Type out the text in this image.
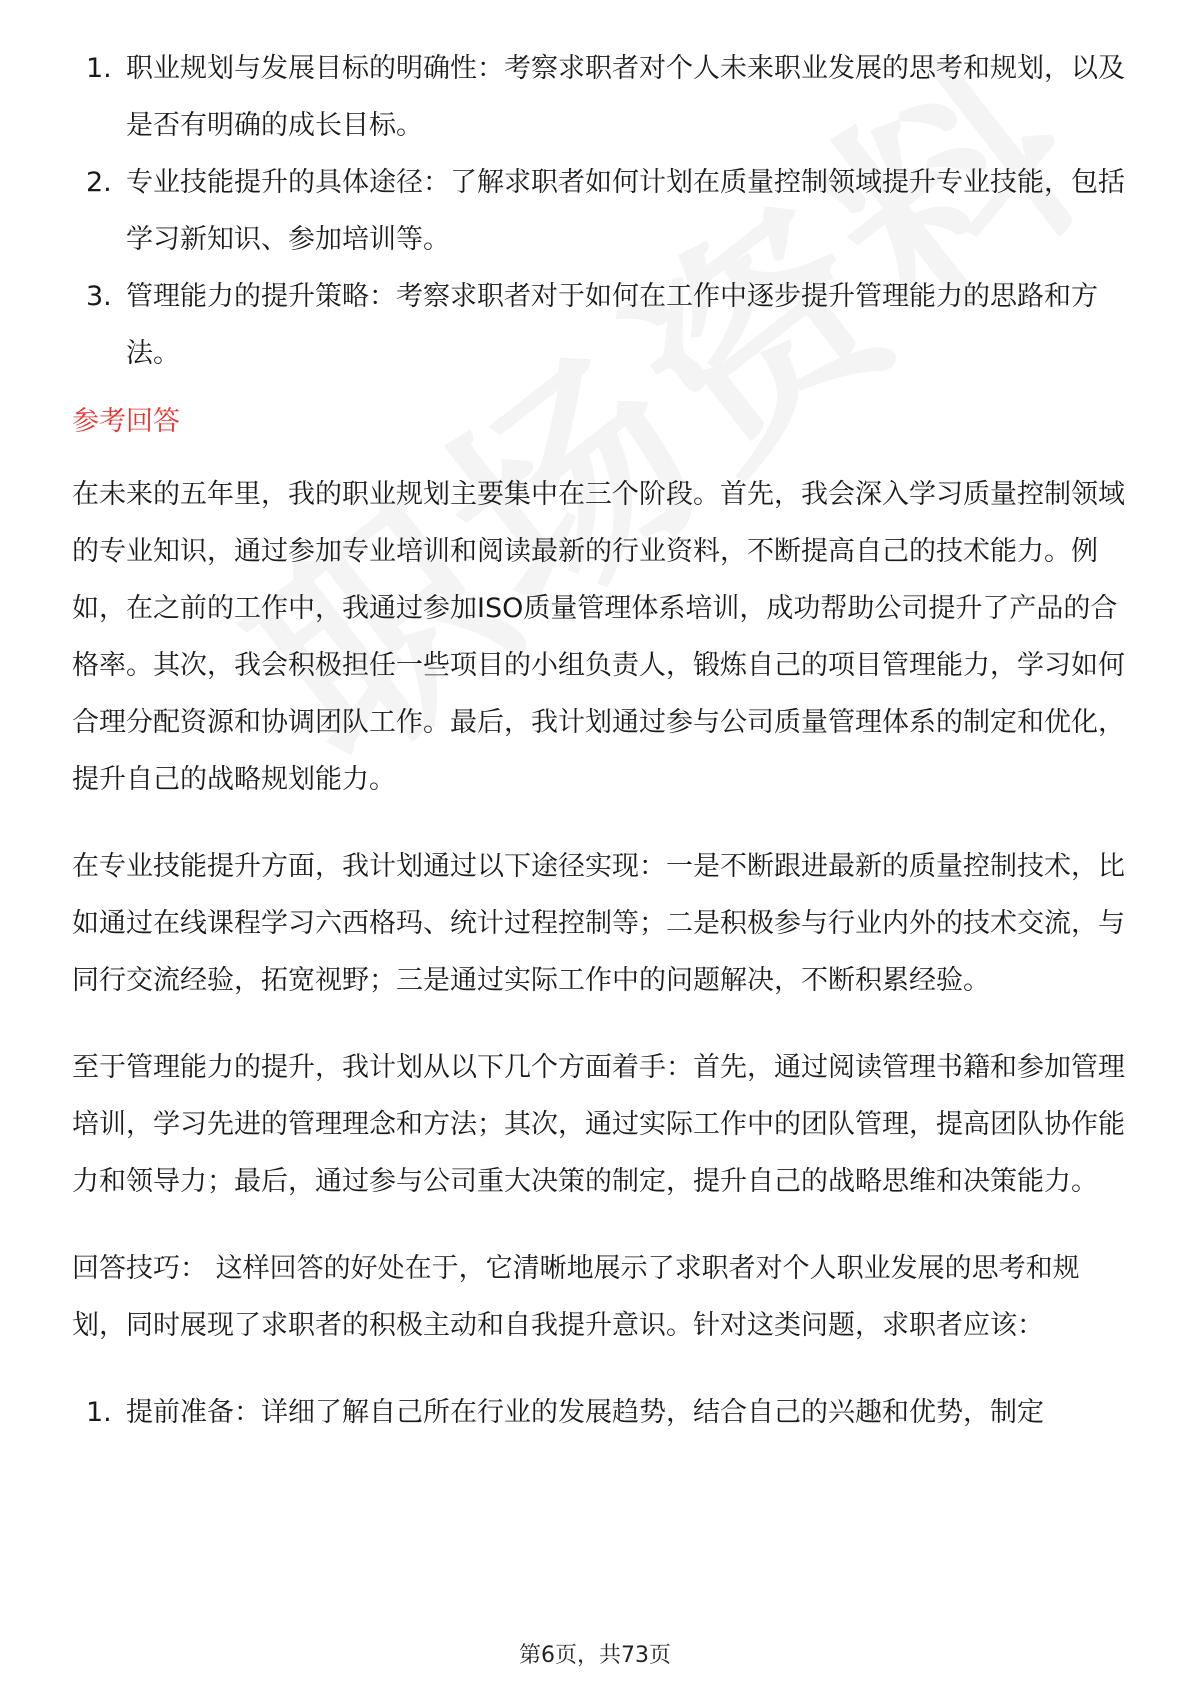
1. 职业规划与发展目标的明确性：考察求职者对个人未来职业发展的思考和规划，以及是否有明确的成长目标。
2. 专业技能提升的具体途径：了解求职者如何计划在质量控制领域提升专业技能，包括学习新知识、参加培训等。
3. 管理能力的提升策略：考察求职者对于如何在工作中逐步提升管理能力的思路和方法。
参考回答

在未来的五年里，我的职业规划主要集中在三个阶段。首先，我会深入学习质量控制领域的专业知识，通过参加专业培训和阅读最新的行业资料，不断提高自己的技术能力。例如，在之前的工作中，我通过参加ISO质量管理体系培训，成功帮助公司提升了产品的合格率。其次，我会积极担任一些项目的小组负责人，锻炼自己的项目管理能力，学习如何合理分配资源和协调团队工作。最后，我计划通过参与公司质量管理体系的制定和优化，提升自己的战略规划能力。

在专业技能提升方面，我计划通过以下途径实现：一是不断跟进最新的质量控制技术，比如通过在线课程学习六西格玛、统计过程控制等；二是积极参与行业内外的技术交流，与同行交流经验，拓宽视野；三是通过实际工作中的问题解决，不断积累经验。

至于管理能力的提升，我计划从以下几个方面着手：首先，通过阅读管理书籍和参加管理培训，学习先进的管理理念和方法；其次，通过实际工作中的团队管理，提高团队协作能力和领导力；最后，通过参与公司重大决策的制定，提升自己的战略思维和决策能力。

回答技巧： 这样回答的好处在于，它清晰地展示了求职者对个人职业发展的思考和规划，同时展现了求职者的积极主动和自我提升意识。针对这类问题，求职者应该：

1. 提前准备：详细了解自己所在行业的发展趋势，结合自己的兴趣和优势，制定
第6页，共73页
